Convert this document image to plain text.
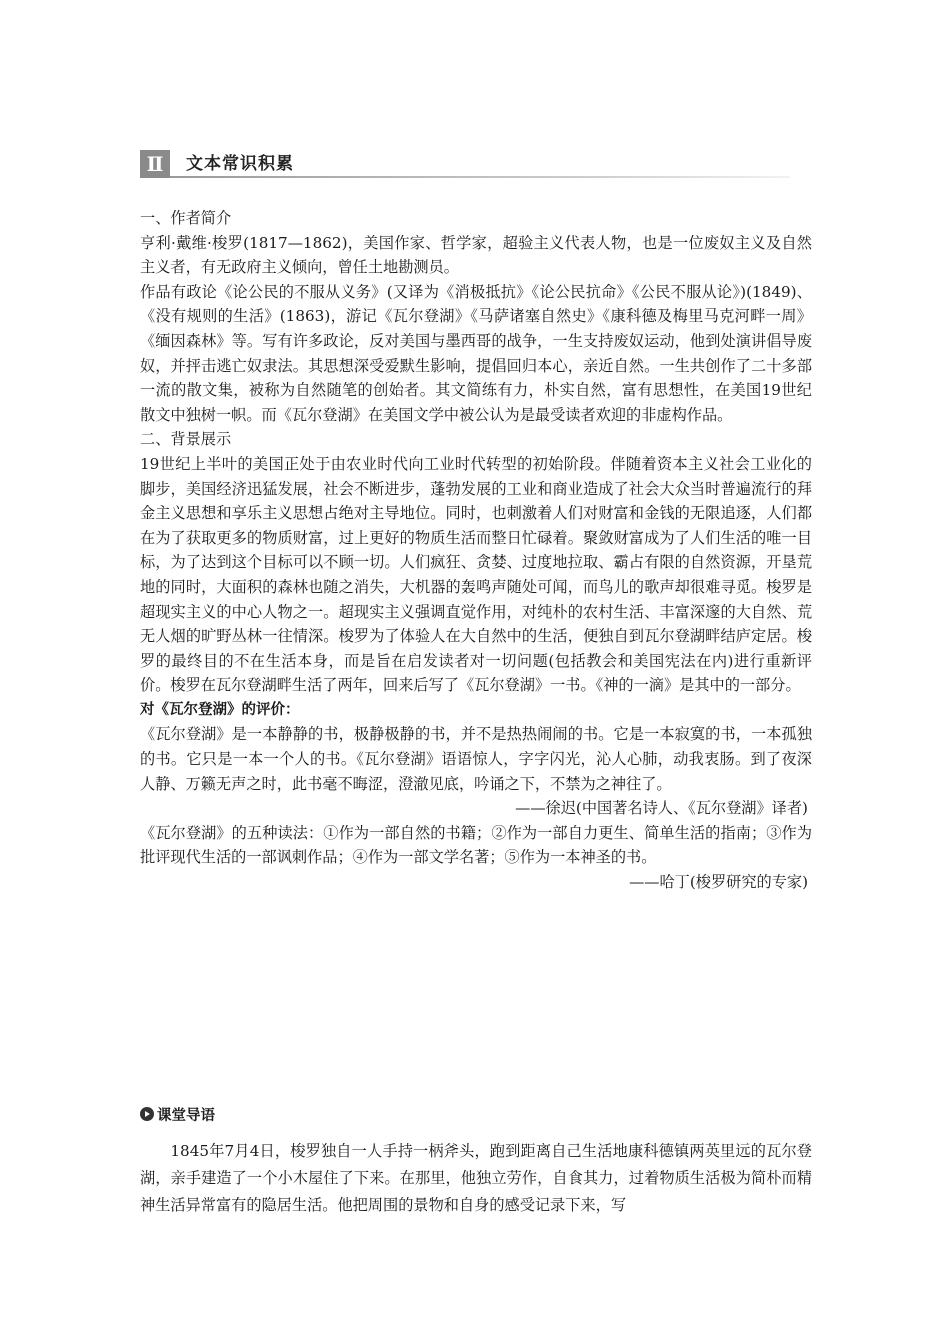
Ⅱ	文本常识积累

一、作者简介

亨利·戴维·梭罗(1817—1862)，美国作家、哲学家，超验主义代表人物，也是一位废奴主义及自然主义者，有无政府主义倾向，曾任土地勘测员。

作品有政论《论公民的不服从义务》(又译为《消极抵抗》《论公民抗命》《公民不服从论》)(1849)、《没有规则的生活》(1863)，游记《瓦尔登湖》《马萨诸塞自然史》《康科德及梅里马克河畔一周》《缅因森林》等。写有许多政论，反对美国与墨西哥的战争，一生支持废奴运动，他到处演讲倡导废奴，并抨击逃亡奴隶法。其思想深受爱默生影响，提倡回归本心，亲近自然。一生共创作了二十多部一流的散文集，被称为自然随笔的创始者。其文简练有力，朴实自然，富有思想性，在美国19世纪散文中独树一帜。而《瓦尔登湖》在美国文学中被公认为是最受读者欢迎的非虚构作品。

二、背景展示

19世纪上半叶的美国正处于由农业时代向工业时代转型的初始阶段。伴随着资本主义社会工业化的脚步，美国经济迅猛发展，社会不断进步，蓬勃发展的工业和商业造成了社会大众当时普遍流行的拜金主义思想和享乐主义思想占绝对主导地位。同时，也刺激着人们对财富和金钱的无限追逐，人们都在为了获取更多的物质财富，过上更好的物质生活而整日忙碌着。聚敛财富成为了人们生活的唯一目标，为了达到这个目标可以不顾一切。人们疯狂、贪婪、过度地拉取、霸占有限的自然资源，开垦荒地的同时，大面积的森林也随之消失，大机器的轰鸣声随处可闻，而鸟儿的歌声却很难寻觅。梭罗是超现实主义的中心人物之一。超现实主义强调直觉作用，对纯朴的农村生活、丰富深邃的大自然、荒无人烟的旷野丛林一往情深。梭罗为了体验人在大自然中的生活，便独自到瓦尔登湖畔结庐定居。梭罗的最终目的不在生活本身，而是旨在启发读者对一切问题(包括教会和美国宪法在内)进行重新评价。梭罗在瓦尔登湖畔生活了两年，回来后写了《瓦尔登湖》一书。《神的一滴》是其中的一部分。

对《瓦尔登湖》的评价：

《瓦尔登湖》是一本静静的书，极静极静的书，并不是热热闹闹的书。它是一本寂寞的书，一本孤独的书。它只是一本一个人的书。《瓦尔登湖》语语惊人，字字闪光，沁人心肺，动我衷肠。到了夜深人静、万籁无声之时，此书毫不晦涩，澄澈见底，吟诵之下，不禁为之神往了。

——徐迟(中国著名诗人、《瓦尔登湖》译者)

《瓦尔登湖》的五种读法：①作为一部自然的书籍；②作为一部自力更生、简单生活的指南；③作为批评现代生活的一部讽刺作品；④作为一部文学名著；⑤作为一本神圣的书。

——哈丁(梭罗研究的专家)

课堂导语

1845年7月4日，梭罗独自一人手持一柄斧头，跑到距离自己生活地康科德镇两英里远的瓦尔登湖，亲手建造了一个小木屋住了下来。在那里，他独立劳作，自食其力，过着物质生活极为简朴而精神生活异常富有的隐居生活。他把周围的景物和自身的感受记录下来，写
